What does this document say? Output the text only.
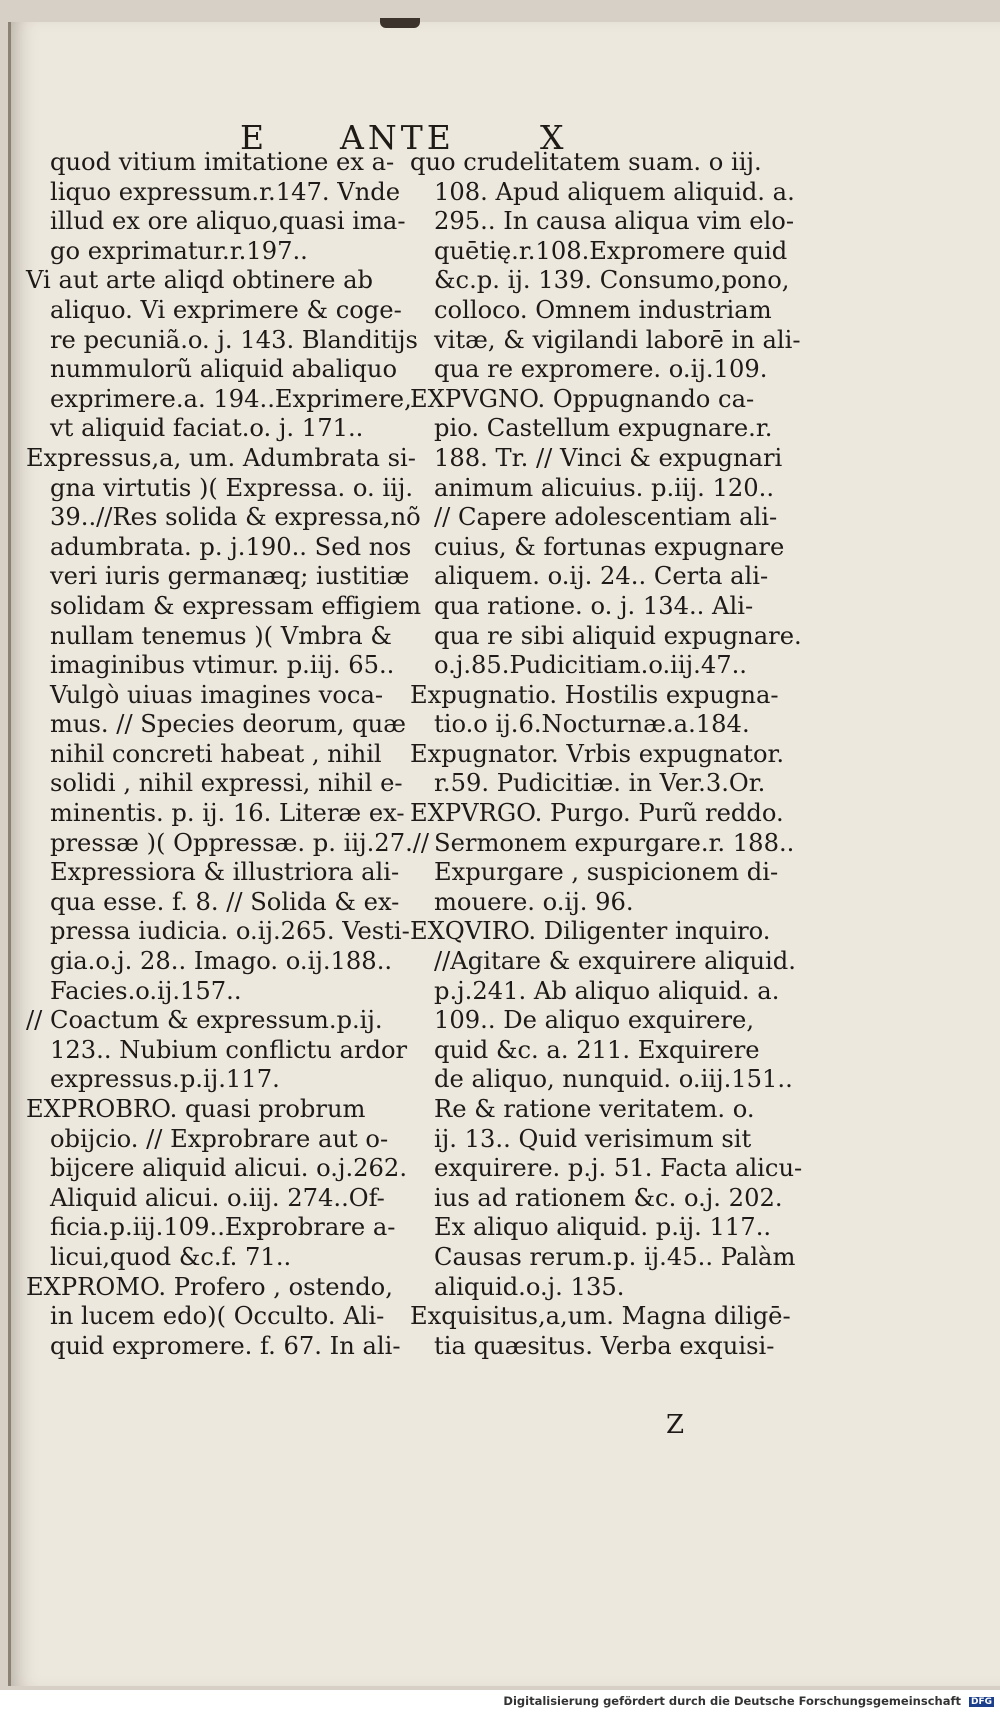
E ANTE	X
quod vitium imitatione ex a-
liquo expressum.r.147. Vnde
illud ex ore aliquo,quasi ima-
go exprimatur.r.197..
Vi aut arte aliqd obtinere ab
aliquo. Vi exprimere & coge-
re pecuniã.o. j. 143. Blanditijs
nummulorũ aliquid abaliquo
exprimere.a. 194..Exprimere,
vt aliquid faciat.o. j. 171..
Expressus,a, um. Adumbrata si-
gna virtutis )( Expressa. o. iij.
39..//Res solida & expressa,nõ
adumbrata. p. j.190.. Sed nos
veri iuris germanæq; iustitiæ
solidam & expressam effigiem
nullam tenemus )( Vmbra &
imaginibus vtimur. p.iij. 65..
Vulgò uiuas imagines voca-
mus. // Species deorum, quæ
nihil concreti habeat , nihil
solidi , nihil expressi, nihil e-
minentis. p. ij. 16. Literæ ex-
pressæ )( Oppressæ. p. iij.27.//
Expressiora & illustriora ali-
qua esse. f. 8. // Solida & ex-
pressa iudicia. o.ij.265. Vesti-
gia.o.j. 28.. Imago. o.ij.188..
Facies.o.ij.157..
// Coactum & expressum.p.ij.
123.. Nubium conflictu ardor
expressus.p.ij.117.
EXPROBRO. quasi probrum
obijcio. // Exprobrare aut o-
bijcere aliquid alicui. o.j.262.
Aliquid alicui. o.iij. 274..Of-
ficia.p.iij.109..Exprobrare a-
licui,quod &c.f. 71..
EXPROMO. Profero , ostendo,
in lucem edo)( Occulto. Ali-
quid expromere. f. 67. In ali-
quo crudelitatem suam. o iij.
108. Apud aliquem aliquid. a.
295.. In causa aliqua vim elo-
quētię.r.108.Expromere quid
&c.p. ij. 139. Consumo,pono,
colloco. Omnem industriam
vitæ, & vigilandi laborē in ali-
qua re expromere. o.ij.109.
EXPVGNO. Oppugnando ca-
pio. Castellum expugnare.r.
188. Tr. // Vinci & expugnari
animum alicuius. p.iij. 120..
// Capere adolescentiam ali-
cuius, & fortunas expugnare
aliquem. o.ij. 24.. Certa ali-
qua ratione. o. j. 134.. Ali-
qua re sibi aliquid expugnare.
o.j.85.Pudicitiam.o.iij.47..
Expugnatio. Hostilis expugna-
tio.o ij.6.Nocturnæ.a.184.
Expugnator. Vrbis expugnator.
r.59. Pudicitiæ. in Ver.3.Or.
EXPVRGO. Purgo. Purũ reddo.
Sermonem expurgare.r. 188..
Expurgare , suspicionem di-
mouere. o.ij. 96.
EXQVIRO. Diligenter inquiro.
//Agitare & exquirere aliquid.
p.j.241. Ab aliquo aliquid. a.
109.. De aliquo exquirere,
quid &c. a. 211. Exquirere
de aliquo, nunquid. o.iij.151..
Re & ratione veritatem. o.
ij. 13.. Quid verisimum sit
exquirere. p.j. 51. Facta alicu-
ius ad rationem &c. o.j. 202.
Ex aliquo aliquid. p.ij. 117..
Causas rerum.p. ij.45.. Palàm
aliquid.o.j. 135.
Exquisitus,a,um. Magna diligē-
tia quæsitus. Verba exquisi-
Z
Digitalisierung gefördert durch die Deutsche Forschungsgemeinschaft DFG
